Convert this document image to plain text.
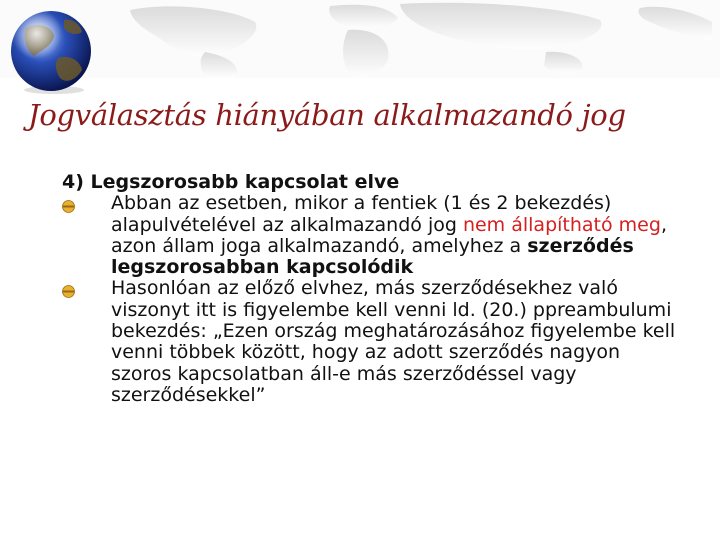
Jogválasztás hiányában alkalmazandó jog

4) Legszorosabb kapcsolat elve

Abban az esetben, mikor a fentiek (1 és 2 bekezdés) alapulvételével az alkalmazandó jog nem állapítható meg, azon állam joga alkalmazandó, amelyhez a szerződés legszorosabban kapcsolódik
Hasonlóan az előző elvhez, más szerződésekhez való viszonyt itt is figyelembe kell venni ld. (20.) ppreambulumi bekezdés: „Ezen ország meghatározásához figyelembe kell venni többek között, hogy az adott szerződés nagyon szoros kapcsolatban áll-e más szerződéssel vagy szerződésekkel”
